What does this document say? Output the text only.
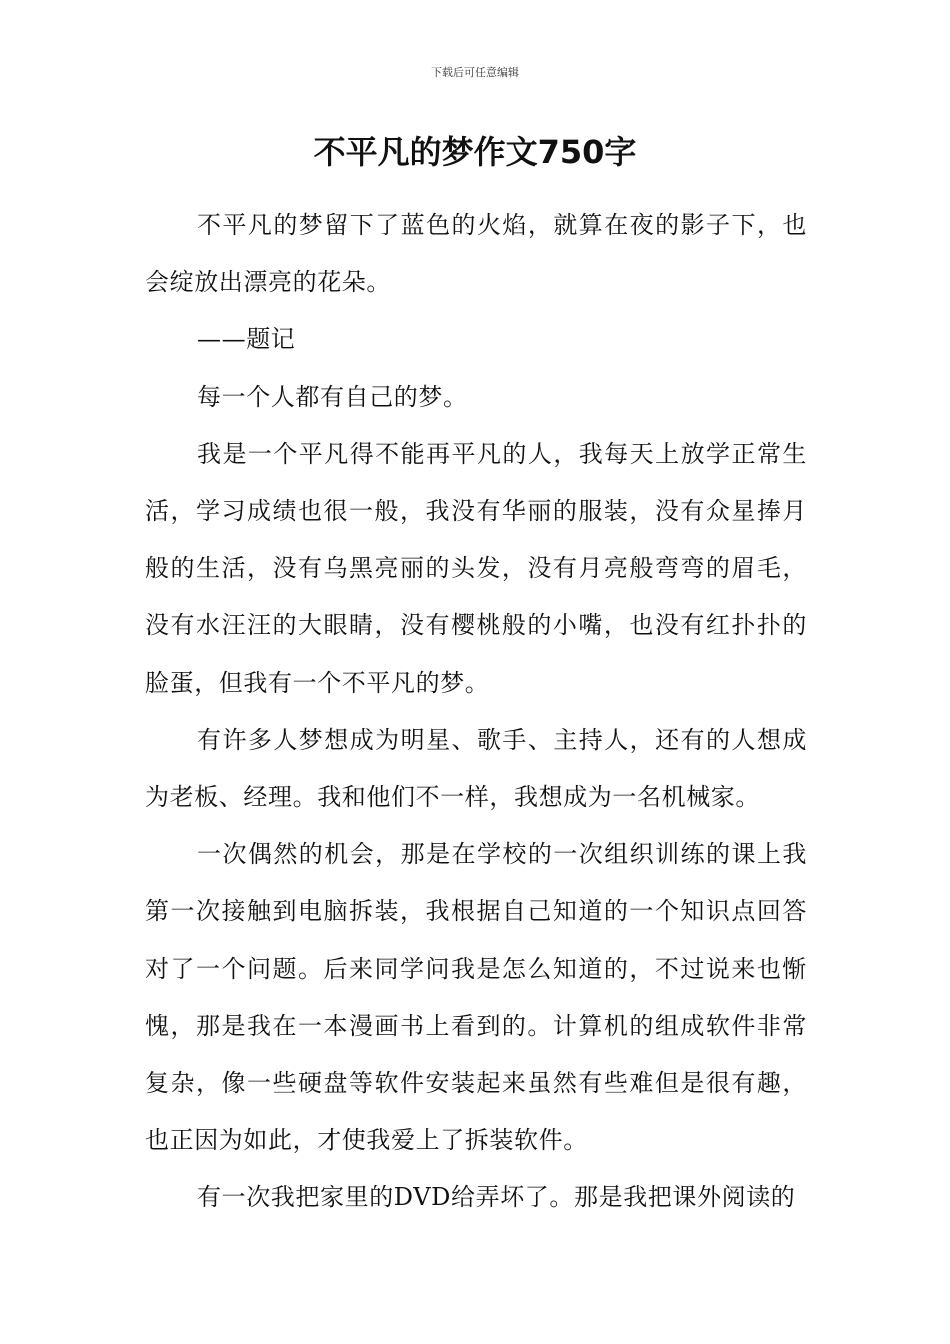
下载后可任意编辑
不平凡的梦作文750字

不平凡的梦留下了蓝色的火焰，就算在夜的影子下，也会绽放出漂亮的花朵。

——题记

每一个人都有自己的梦。

我是一个平凡得不能再平凡的人，我每天上放学正常生活，学习成绩也很一般，我没有华丽的服装，没有众星捧月般的生活，没有乌黑亮丽的头发，没有月亮般弯弯的眉毛，没有水汪汪的大眼睛，没有樱桃般的小嘴，也没有红扑扑的脸蛋，但我有一个不平凡的梦。

有许多人梦想成为明星、歌手、主持人，还有的人想成为老板、经理。我和他们不一样，我想成为一名机械家。

一次偶然的机会，那是在学校的一次组织训练的课上我第一次接触到电脑拆装，我根据自己知道的一个知识点回答对了一个问题。后来同学问我是怎么知道的，不过说来也惭愧，那是我在一本漫画书上看到的。计算机的组成软件非常复杂，像一些硬盘等软件安装起来虽然有些难但是很有趣，也正因为如此，才使我爱上了拆装软件。

有一次我把家里的DVD给弄坏了。那是我把课外阅读的
